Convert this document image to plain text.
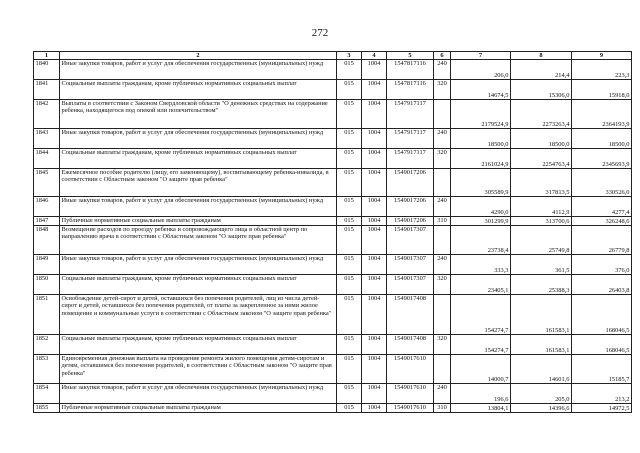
272
1	2	3	4	5	6	7	8	9
1840	Иные закупки товаров, работ и услуг для обеспечения государственных (муниципальных) нужд	015	1004	1547817116	240	206,0	214,4	223,3
1841	Социальные выплаты гражданам, кроме публичных нормативных социальных выплат	015	1004	1547817116	320	14674,5	15306,0	15918,0
1842	Выплаты в соответствии с Законом Свердловской области "О денежных средствах на содержание ребенка, находящегося под опекой или попечительством"	015	1004	1547917117		2179524,9	2273263,4	2364193,9
1843	Иные закупки товаров, работ и услуг для обеспечения государственных (муниципальных) нужд	015	1004	1547917117	240	18500,0	18500,0	18500,0
1844	Социальные выплаты гражданам, кроме публичных нормативных социальных выплат	015	1004	1547917117	320	2161024,9	2254763,4	2345693,9
1845	Ежемесячное пособие родителю (лицу, его заменяющему), воспитывающему ребенка-инвалида, в соответствии с Областным законом "О защите прав ребенка"	015	1004	1549017206		305589,9	317813,5	330526,0
1846	Иные закупки товаров, работ и услуг для обеспечения государственных (муниципальных) нужд	015	1004	1549017206	240	4290,0	4112,9	4277,4
1847	Публичные нормативные социальные выплаты гражданам	015	1004	1549017206	310	301299,9	313700,6	326248,6
1848	Возмещение расходов по проезду ребенка и сопровождающего лица в областной центр по направлению врача в соответствии с Областным законом "О защите прав ребенка"	015	1004	1549017307		23738,4	25749,8	26779,8
1849	Иные закупки товаров, работ и услуг для обеспечения государственных (муниципальных) нужд	015	1004	1549017307	240	333,3	361,5	376,0
1850	Социальные выплаты гражданам, кроме публичных нормативных социальных выплат	015	1004	1549017307	320	23405,1	25388,3	26403,8
1851	Освобождение детей-сирот и детей, оставшихся без попечения родителей, лиц из числа детей-сирот и детей, оставшихся без попечения родителей, от платы за закрепленное за ними жилое помещение и коммунальные услуги в соответствии с Областным законом "О защите прав ребенка"	015	1004	1549017408		154274,7	161583,1	168046,5
1852	Социальные выплаты гражданам, кроме публичных нормативных социальных выплат	015	1004	1549017408	320	154274,7	161583,1	168046,5
1853	Единовременная денежная выплата на проведение ремонта жилого помещения детям-сиротам и детям, оставшимся без попечения родителей, в соответствии с Областным законом "О защите прав ребенка"	015	1004	1549017610		14000,7	14601,6	15185,7
1854	Иные закупки товаров, работ и услуг для обеспечения государственных (муниципальных) нужд	015	1004	1549017610	240	196,6	205,0	213,2
1855	Публичные нормативные социальные выплаты гражданам	015	1004	1549017610	310	13804,1	14396,6	14972,5
